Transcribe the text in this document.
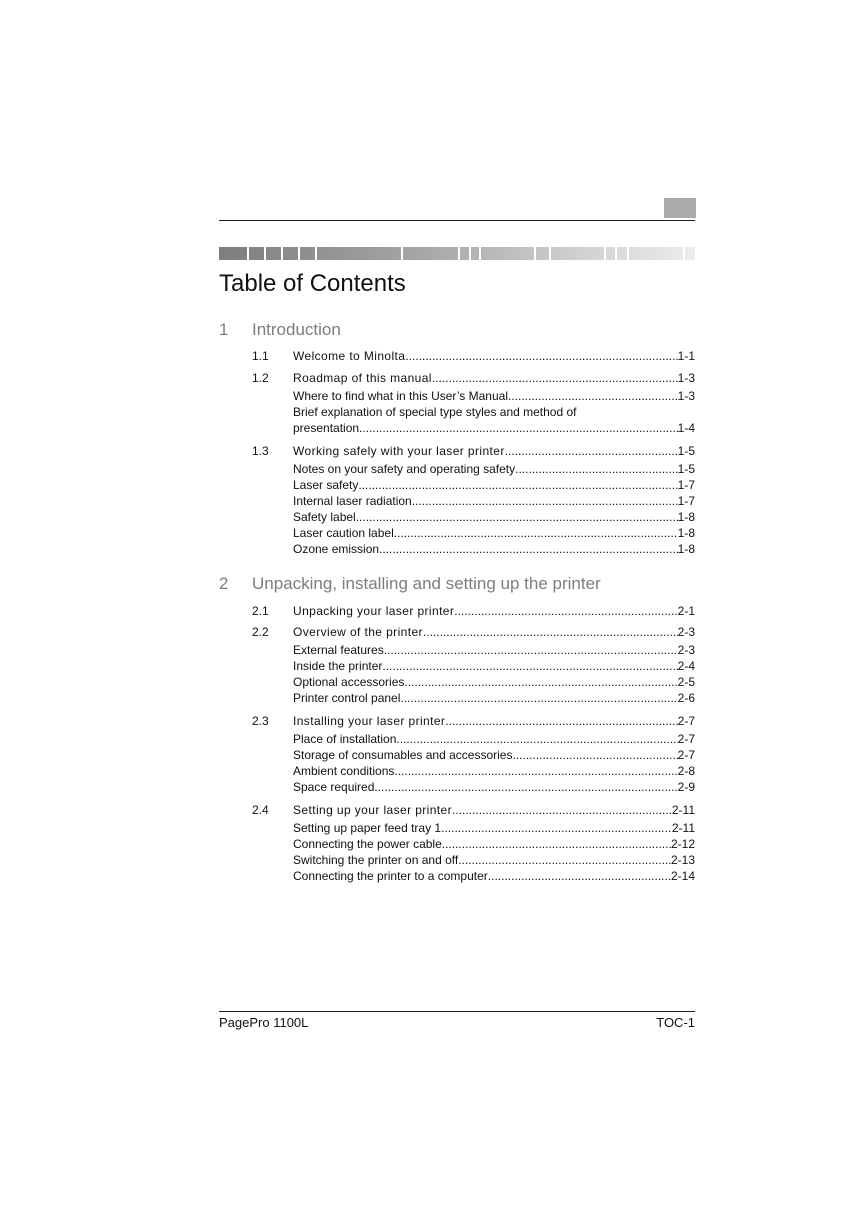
Table of Contents
1 Introduction
1.1 Welcome to Minolta .....	1-1
1.2 Roadmap of this manual .....	1-3
Where to find what in this User’s Manual .....	1-3
Brief explanation of special type styles and method of
presentation .....	1-4
1.3 Working safely with your laser printer .....	1-5
Notes on your safety and operating safety .....	1-5
Laser safety .....	1-7
Internal laser radiation .....	1-7
Safety label .....	1-8
Laser caution label .....	1-8
Ozone emission .....	1-8
2 Unpacking, installing and setting up the printer
2.1 Unpacking your laser printer .....	2-1
2.2 Overview of the printer .....	2-3
External features .....	2-3
Inside the printer .....	2-4
Optional accessories .....	2-5
Printer control panel .....	2-6
2.3 Installing your laser printer .....	2-7
Place of installation .....	2-7
Storage of consumables and accessories .....	2-7
Ambient conditions .....	2-8
Space required .....	2-9
2.4 Setting up your laser printer .....	2-11
Setting up paper feed tray 1 .....	2-11
Connecting the power cable .....	2-12
Switching the printer on and off .....	2-13
Connecting the printer to a computer .....	2-14
PagePro 1100L	TOC-1
